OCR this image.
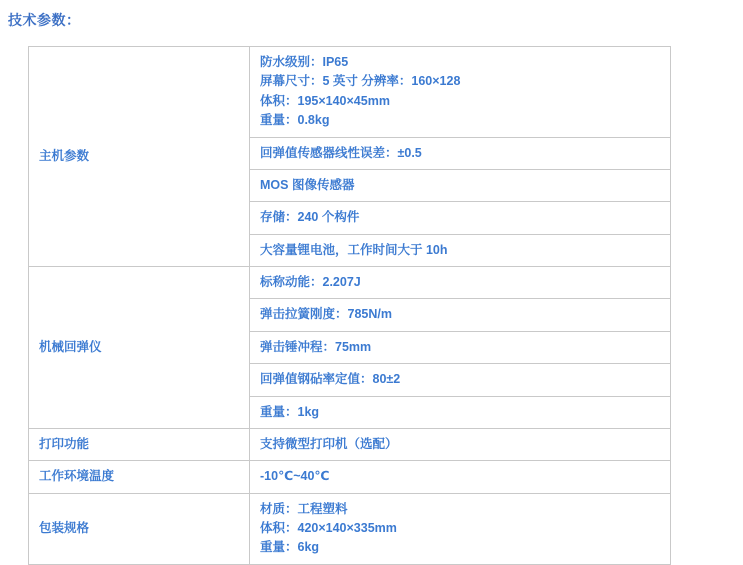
技术参数：
主机参数	防水级别：IP65
屏幕尺寸：5 英寸 分辨率：160×128
体积：195×140×45mm
重量：0.8kg

	回弹值传感器线性误差：±0.5

	MOS 图像传感器

	存储：240 个构件

	大容量锂电池，工作时间大于 10h

机械回弹仪	标称动能：2.207J

	弹击拉簧刚度：785N/m

	弹击锤冲程：75mm

	回弹值钢砧率定值：80±2

	重量：1kg

打印功能	支持微型打印机（选配）

工作环境温度	-10℃~40℃

包装规格	材质：工程塑料
体积：420×140×335mm
重量：6kg
